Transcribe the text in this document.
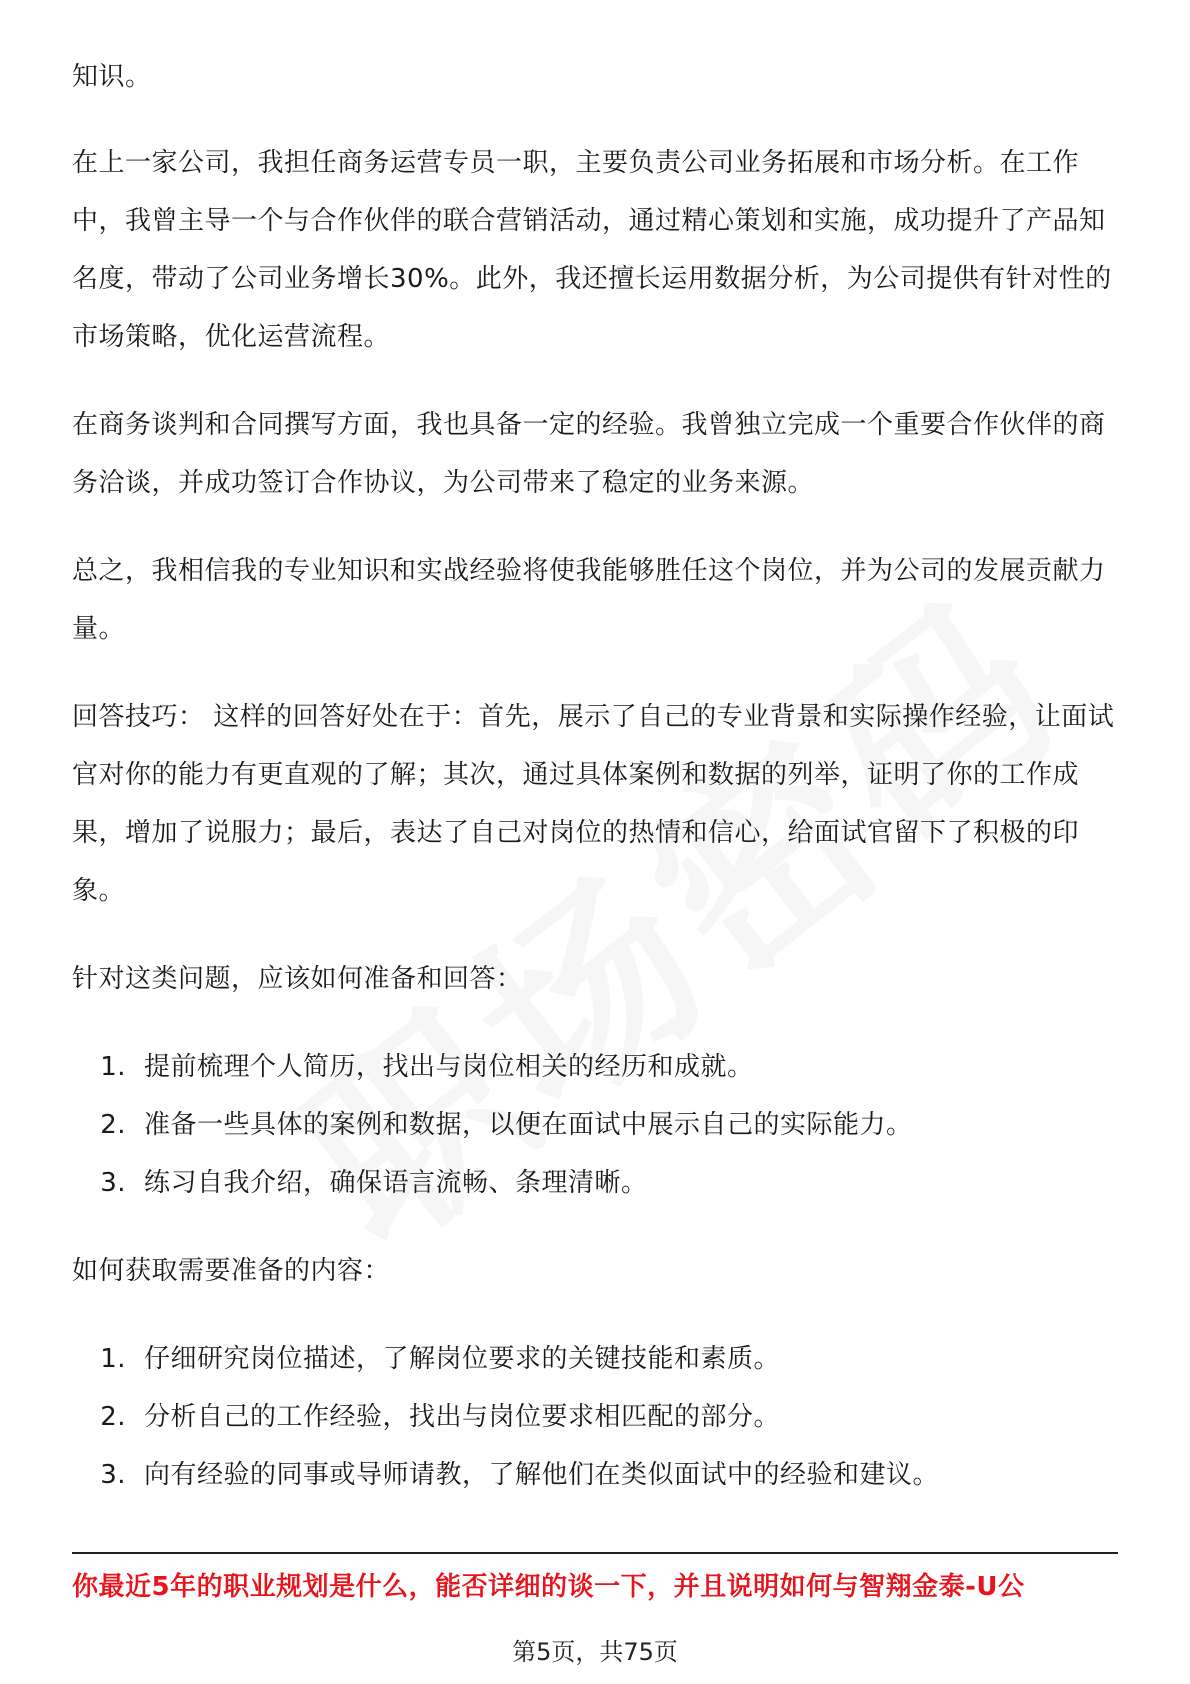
知识。

在上一家公司，我担任商务运营专员一职，主要负责公司业务拓展和市场分析。在工作中，我曾主导一个与合作伙伴的联合营销活动，通过精心策划和实施，成功提升了产品知名度，带动了公司业务增长30%。此外，我还擅长运用数据分析，为公司提供有针对性的市场策略，优化运营流程。

在商务谈判和合同撰写方面，我也具备一定的经验。我曾独立完成一个重要合作伙伴的商务洽谈，并成功签订合作协议，为公司带来了稳定的业务来源。

总之，我相信我的专业知识和实战经验将使我能够胜任这个岗位，并为公司的发展贡献力量。

回答技巧： 这样的回答好处在于：首先，展示了自己的专业背景和实际操作经验，让面试官对你的能力有更直观的了解；其次，通过具体案例和数据的列举，证明了你的工作成果，增加了说服力；最后，表达了自己对岗位的热情和信心，给面试官留下了积极的印象。

针对这类问题，应该如何准备和回答：

1. 提前梳理个人简历，找出与岗位相关的经历和成就。
2. 准备一些具体的案例和数据，以便在面试中展示自己的实际能力。
3. 练习自我介绍，确保语言流畅、条理清晰。

如何获取需要准备的内容：

1. 仔细研究岗位描述，了解岗位要求的关键技能和素质。
2. 分析自己的工作经验，找出与岗位要求相匹配的部分。
3. 向有经验的同事或导师请教，了解他们在类似面试中的经验和建议。
你最近5年的职业规划是什么，能否详细的谈一下，并且说明如何与智翔金泰-U公
第5页，共75页
